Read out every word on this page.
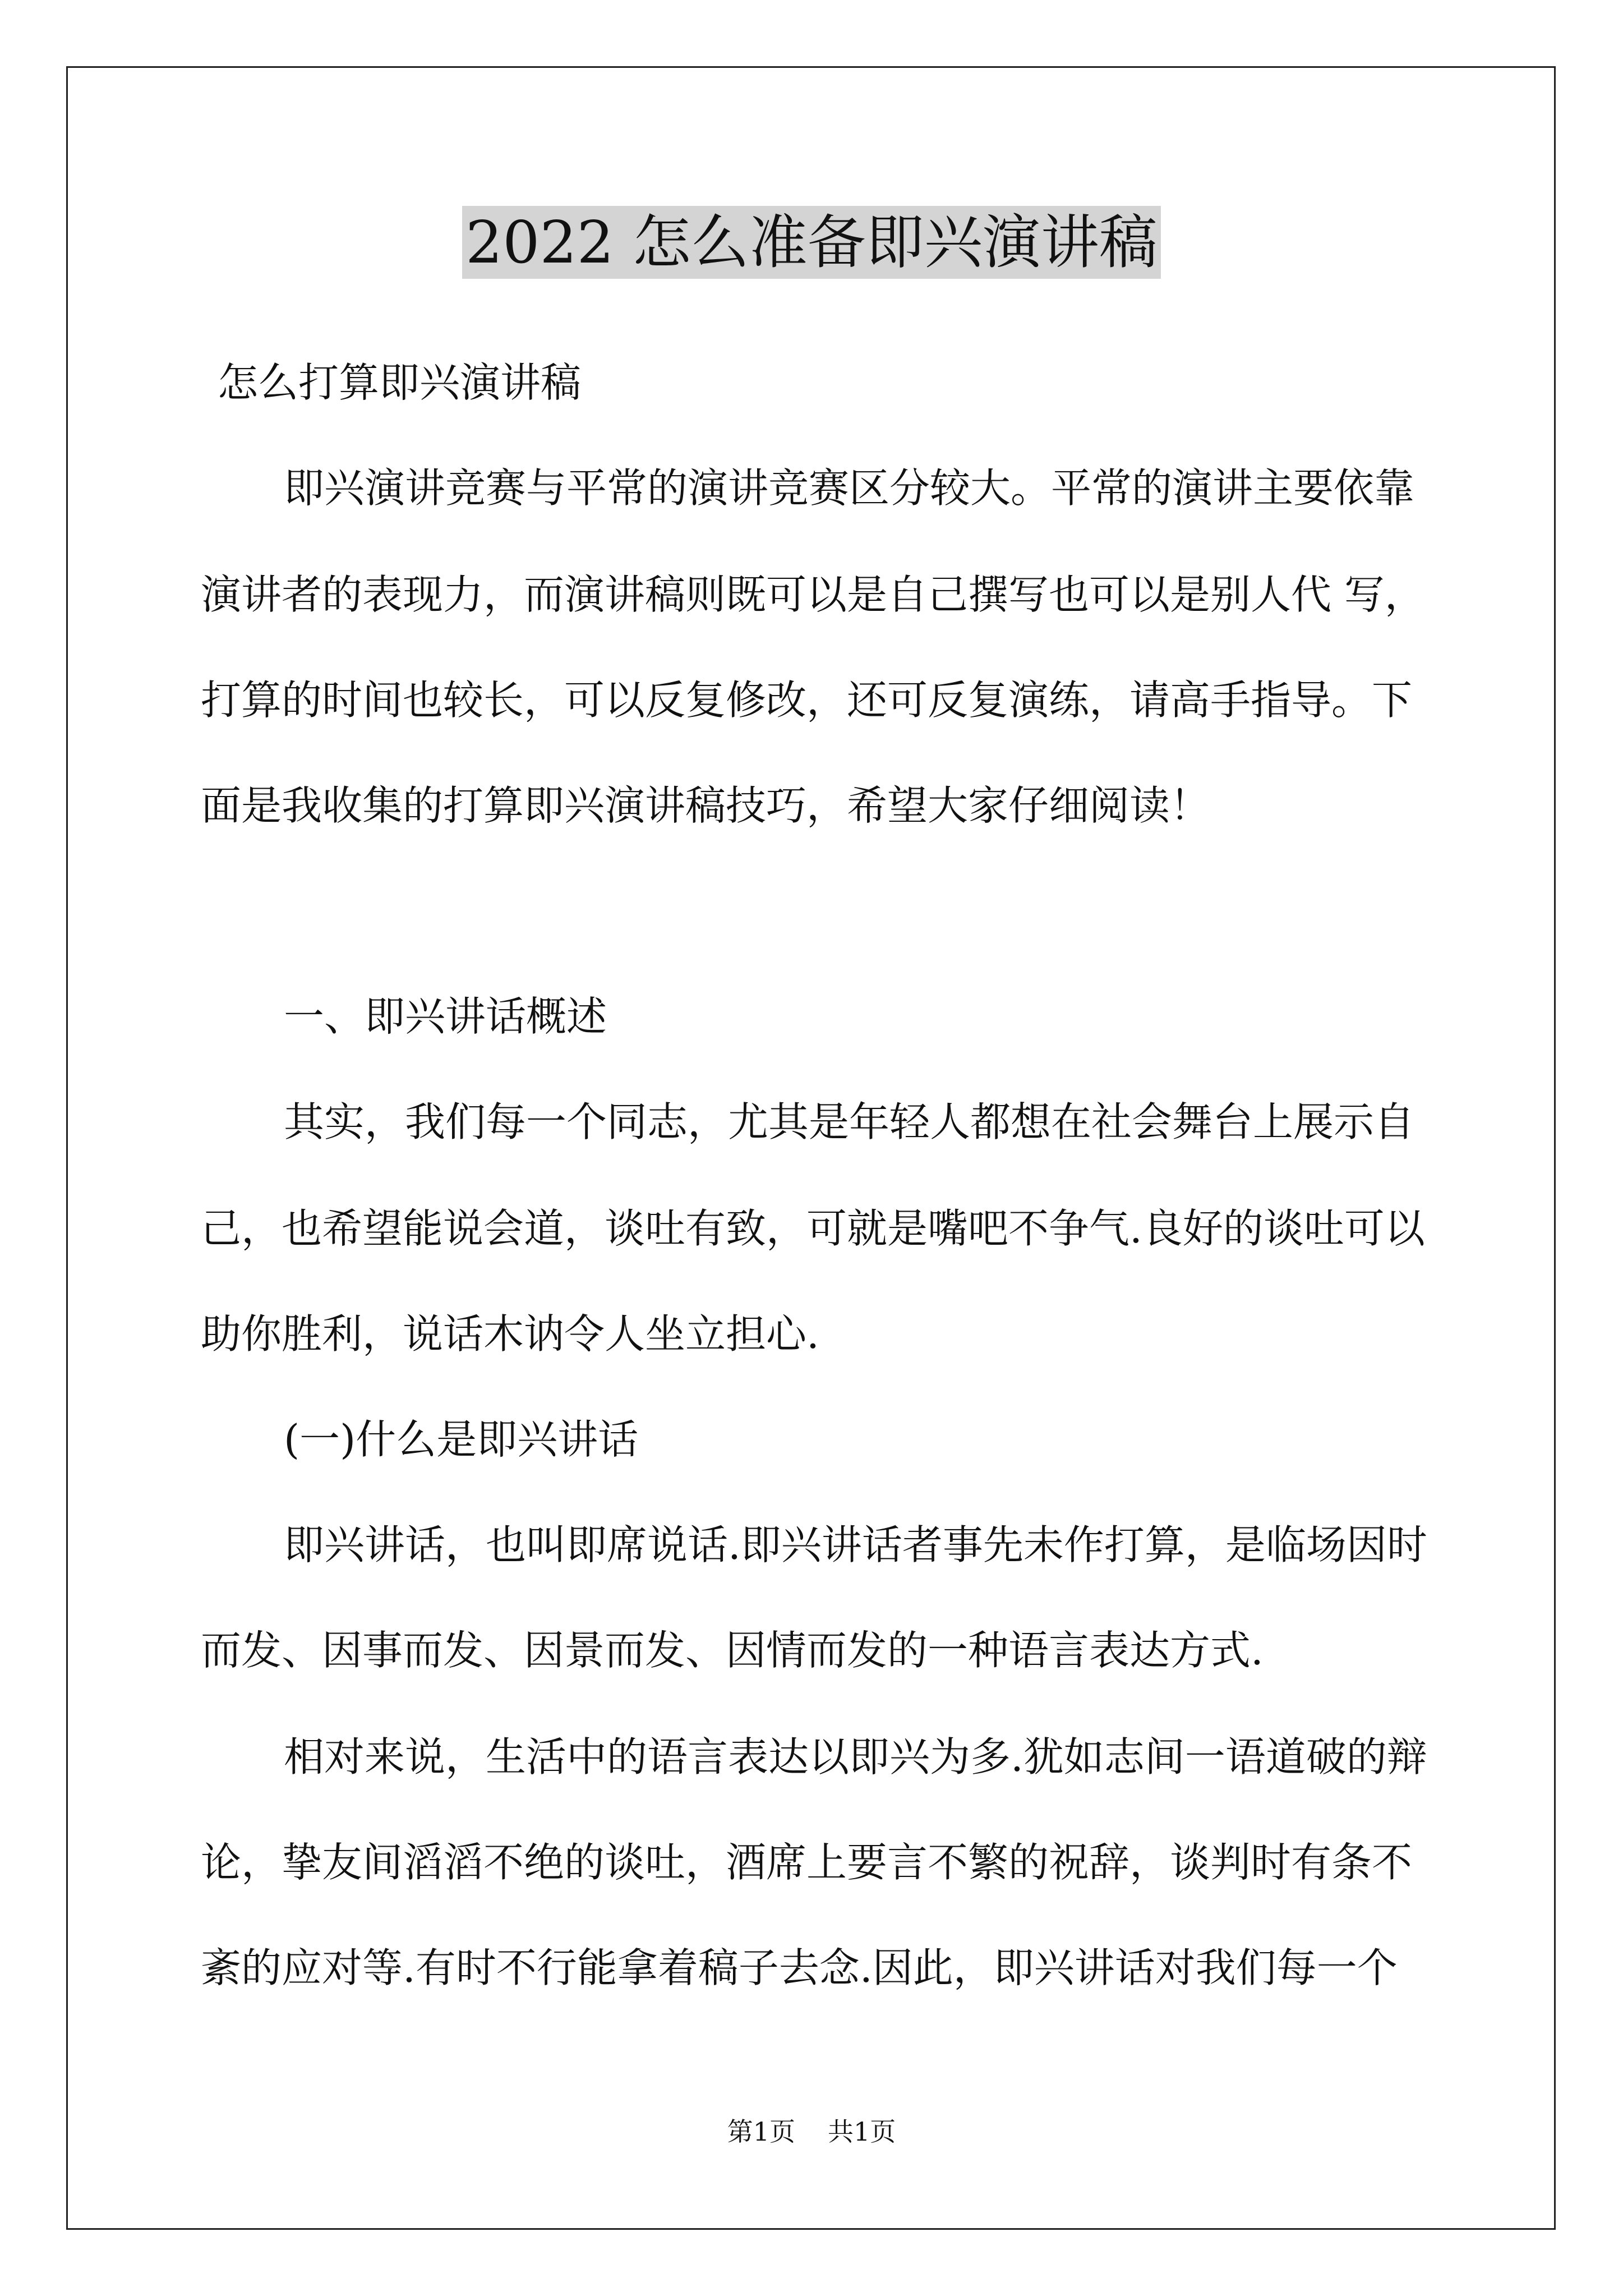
2022 怎么准备即兴演讲稿
怎么打算即兴演讲稿
即兴演讲竞赛与平常的演讲竞赛区分较大。平常的演讲主要依靠
演讲者的表现力，而演讲稿则既可以是自己撰写也可以是别人代 写，
打算的时间也较长，可以反复修改，还可反复演练，请高手指导。下
面是我收集的打算即兴演讲稿技巧，希望大家仔细阅读！
一、即兴讲话概述
其实，我们每一个同志，尤其是年轻人都想在社会舞台上展示自
己，也希望能说会道，谈吐有致，可就是嘴吧不争气.良好的谈吐可以
助你胜利，说话木讷令人坐立担心.
(一)什么是即兴讲话
即兴讲话，也叫即席说话.即兴讲话者事先未作打算，是临场因时
而发、因事而发、因景而发、因情而发的一种语言表达方式.
相对来说，生活中的语言表达以即兴为多.犹如志间一语道破的辩
论，挚友间滔滔不绝的谈吐，酒席上要言不繁的祝辞，谈判时有条不
紊的应对等.有时不行能拿着稿子去念.因此，即兴讲话对我们每一个
第1页 共1页
